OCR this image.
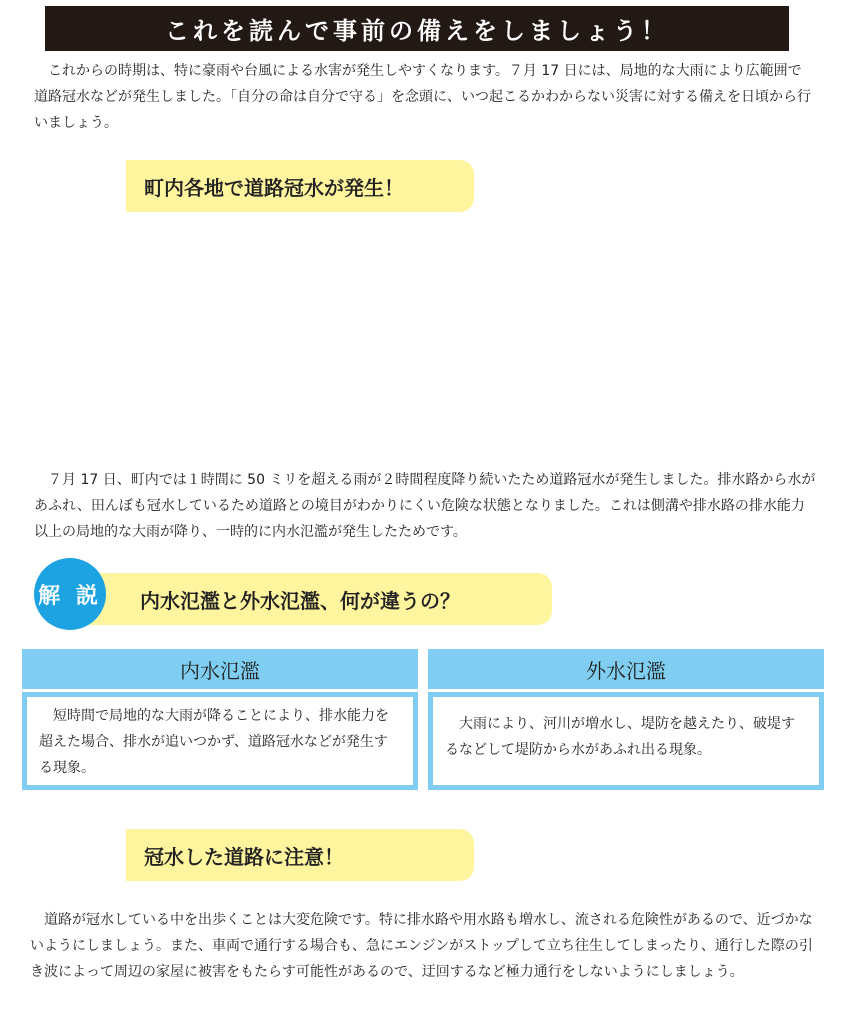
これを読んで事前の備えをしましょう！

これからの時期は、特に豪雨や台風による水害が発生しやすくなります。７月 17 日には、局地的な大雨により広範囲で道路冠水などが発生しました。「自分の命は自分で守る」を念頭に、いつ起こるかわからない災害に対する備えを日頃から行いましょう。

町内各地で道路冠水が発生！

７月 17 日、町内では１時間に 50 ミリを超える雨が２時間程度降り続いたため道路冠水が発生しました。排水路から水があふれ、田んぼも冠水しているため道路との境目がわかりにくい危険な状態となりました。これは側溝や排水路の排水能力以上の局地的な大雨が降り、一時的に内水氾濫が発生したためです。

内水氾濫と外水氾濫、何が違うの？
解 説
内水氾濫

短時間で局地的な大雨が降ることにより、排水能力を超えた場合、排水が追いつかず、道路冠水などが発生する現象。

外水氾濫

大雨により、河川が増水し、堤防を越えたり、破堤するなどして堤防から水があふれ出る現象。

冠水した道路に注意！

道路が冠水している中を出歩くことは大変危険です。特に排水路や用水路も増水し、流される危険性があるので、近づかないようにしましょう。また、車両で通行する場合も、急にエンジンがストップして立ち往生してしまったり、通行した際の引き波によって周辺の家屋に被害をもたらす可能性があるので、迂回するなど極力通行をしないようにしましょう。
